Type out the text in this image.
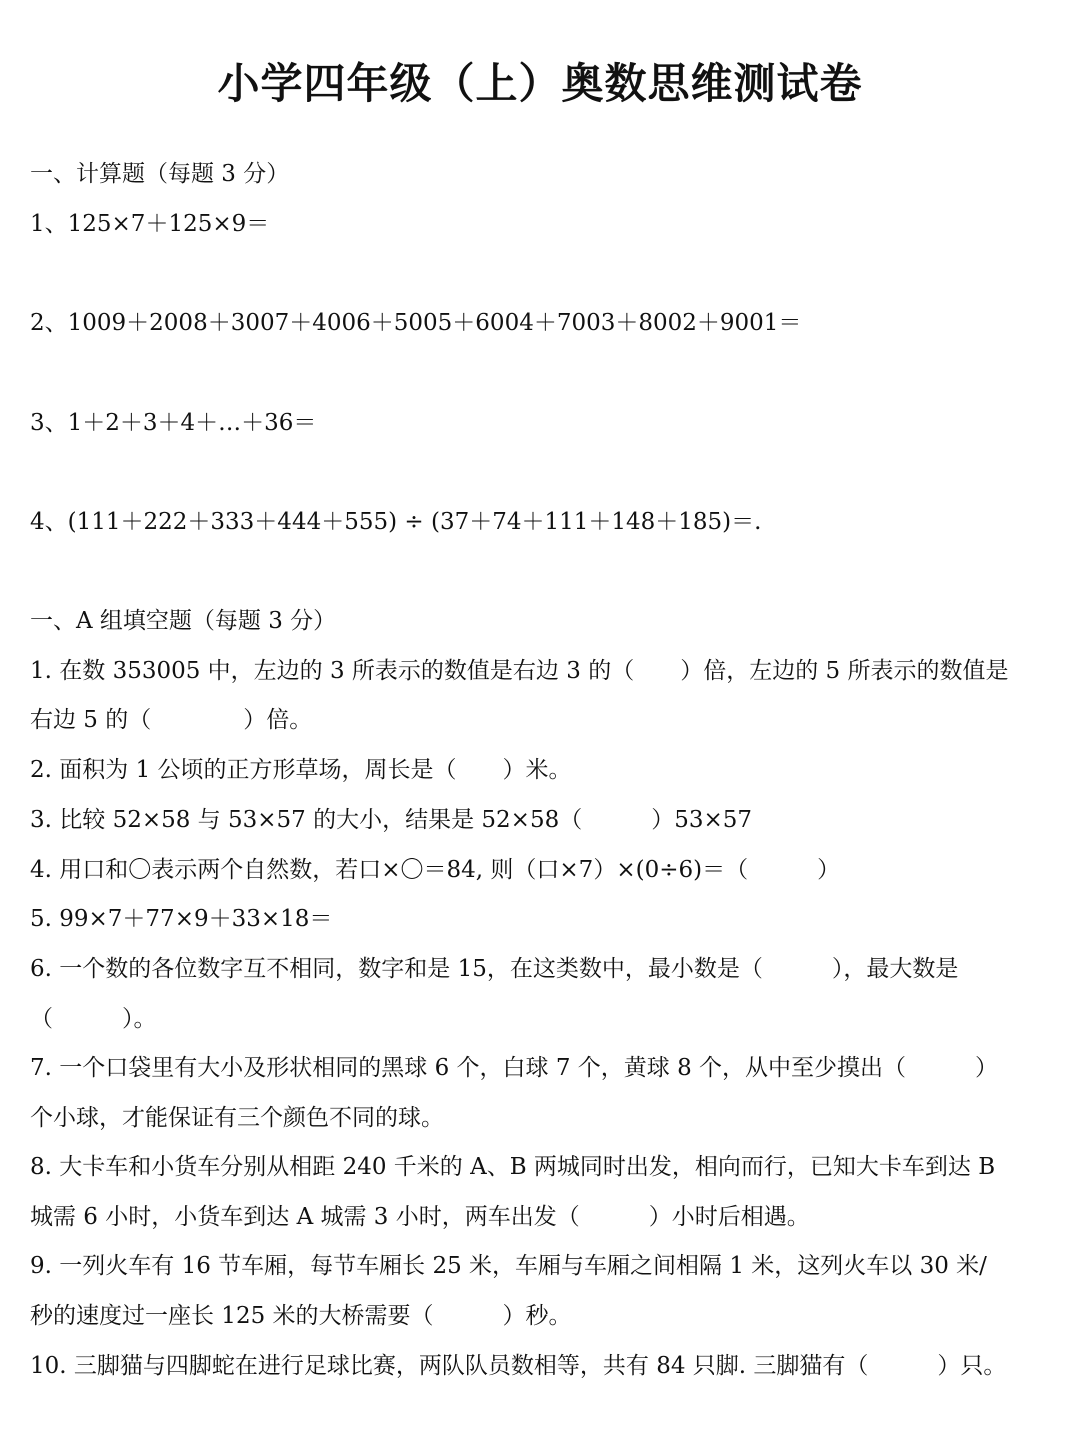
小学四年级（上）奥数思维测试卷
一、计算题（每题 3 分）
1、125×7＋125×9＝
2、1009＋2008＋3007＋4006＋5005＋6004＋7003＋8002＋9001＝
3、1＋2＋3＋4＋…＋36＝
4、(111＋222＋333＋444＋555) ÷ (37＋74＋111＋148＋185)＝.
一、A 组填空题（每题 3 分）
1. 在数 353005 中，左边的 3 所表示的数值是右边 3 的（　　）倍，左边的 5 所表示的数值是
右边 5 的（　　　　）倍。
2. 面积为 1 公顷的正方形草场，周长是（　　）米。
3. 比较 52×58 与 53×57 的大小，结果是 52×58（　　　）53×57
4. 用口和〇表示两个自然数，若口×〇＝84, 则（口×7）×(0÷6)＝（　　　）
5. 99×7＋77×9＋33×18＝
6. 一个数的各位数字互不相同，数字和是 15，在这类数中，最小数是（　　　），最大数是
（　　　）。
7. 一个口袋里有大小及形状相同的黑球 6 个，白球 7 个，黄球 8 个，从中至少摸出（　　　）
个小球，才能保证有三个颜色不同的球。
8. 大卡车和小货车分别从相距 240 千米的 A、B 两城同时出发，相向而行，已知大卡车到达 B
城需 6 小时，小货车到达 A 城需 3 小时，两车出发（　　　）小时后相遇。
9. 一列火车有 16 节车厢，每节车厢长 25 米，车厢与车厢之间相隔 1 米，这列火车以 30 米/
秒的速度过一座长 125 米的大桥需要（　　　）秒。
10. 三脚猫与四脚蛇在进行足球比赛，两队队员数相等，共有 84 只脚. 三脚猫有（　　　）只。
